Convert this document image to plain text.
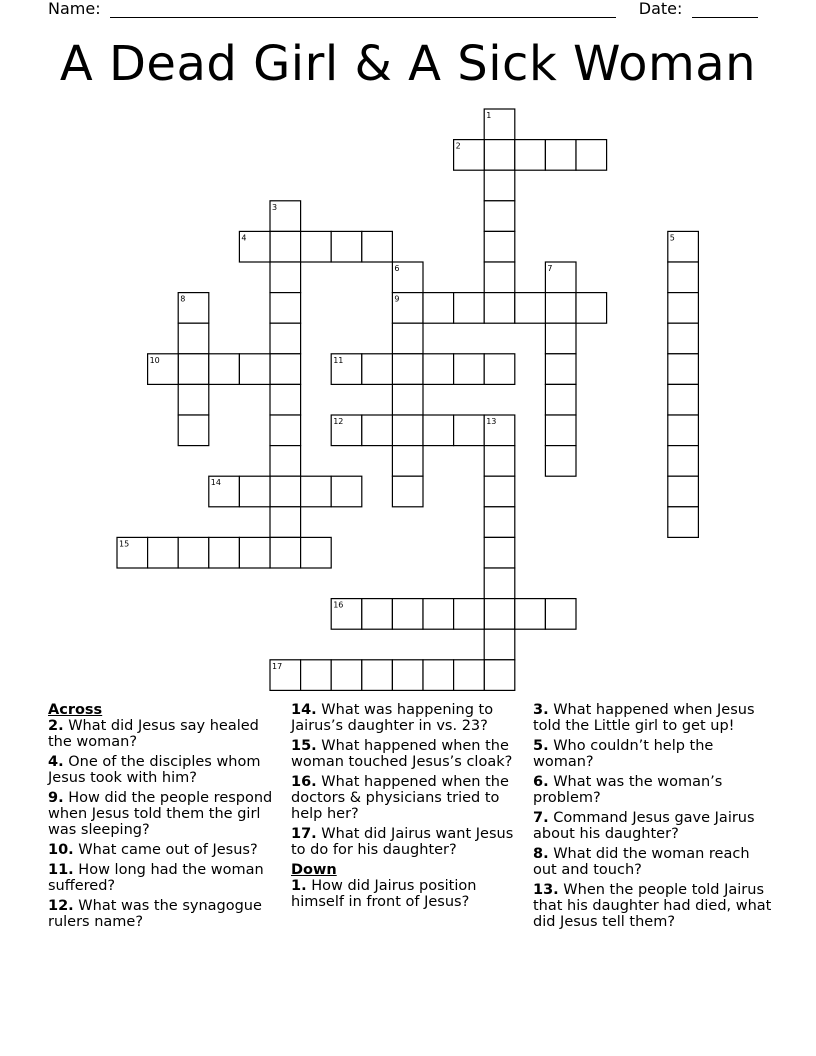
Name:	Date:
A Dead Girl & A Sick Woman
1
2
3
4	5
6	7
8	9
10	11
12	13
14
15
16
17
Across
2. What did Jesus say healed the woman?
4. One of the disciples whom Jesus took with him?
9. How did the people respond when Jesus told them the girl was sleeping?
10. What came out of Jesus?
11. How long had the woman suffered?
12. What was the synagogue rulers name?
14. What was happening to Jairus’s daughter in vs. 23?
15. What happened when the woman touched Jesus’s cloak?
16. What happened when the doctors & physicians tried to help her?
17. What did Jairus want Jesus to do for his daughter?
Down
1. How did Jairus position himself in front of Jesus?
3. What happened when Jesus told the Little girl to get up!
5. Who couldn’t help the woman?
6. What was the woman’s problem?
7. Command Jesus gave Jairus about his daughter?
8. What did the woman reach out and touch?
13. When the people told Jairus that his daughter had died, what did Jesus tell them?
